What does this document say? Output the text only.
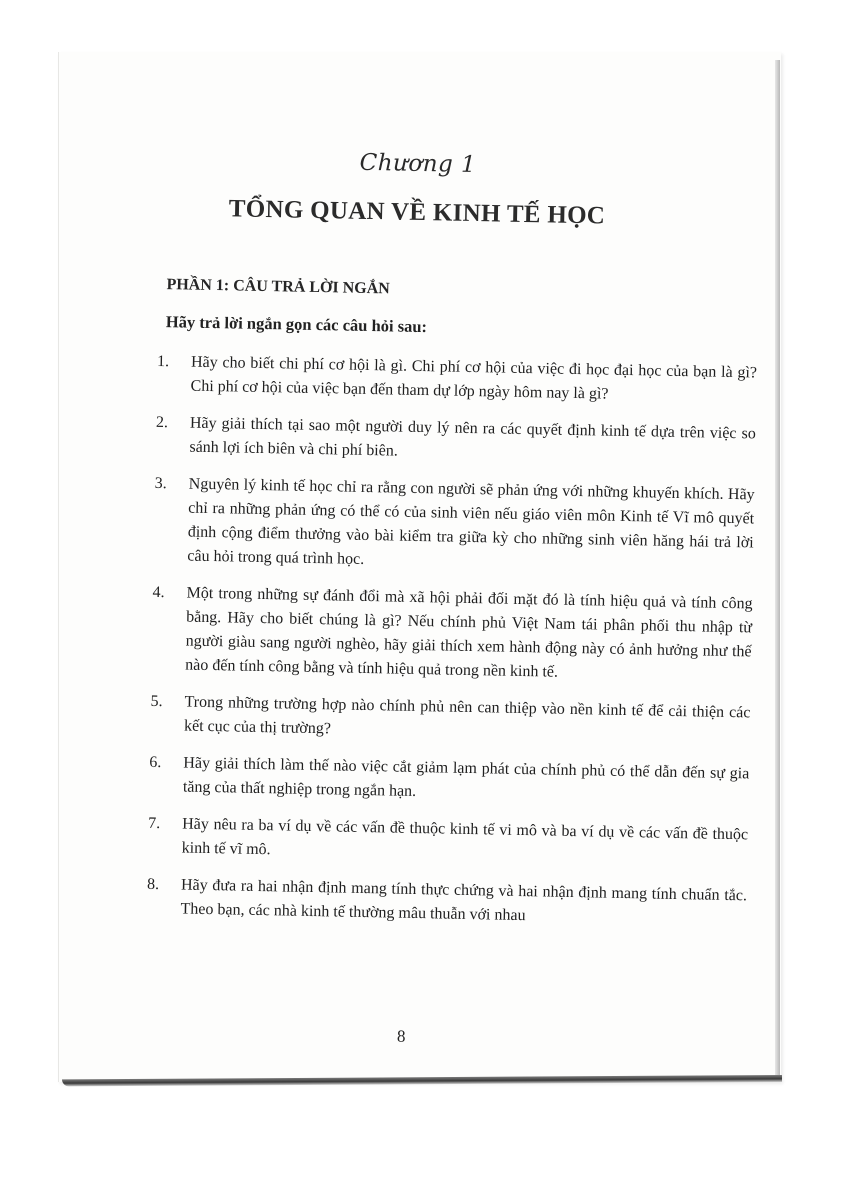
Chương 1
TỔNG QUAN VỀ KINH TẾ HỌC
PHẦN 1: CÂU TRẢ LỜI NGẮN
Hãy trả lời ngắn gọn các câu hỏi sau:
1. Hãy cho biết chi phí cơ hội là gì. Chi phí cơ hội của việc đi học đại học của bạn là gì? Chi phí cơ hội của việc bạn đến tham dự lớp ngày hôm nay là gì?
2. Hãy giải thích tại sao một người duy lý nên ra các quyết định kinh tế dựa trên việc so sánh lợi ích biên và chi phí biên.
3. Nguyên lý kinh tế học chỉ ra rằng con người sẽ phản ứng với những khuyến khích. Hãy chỉ ra những phản ứng có thể có của sinh viên nếu giáo viên môn Kinh tế Vĩ mô quyết định cộng điểm thưởng vào bài kiểm tra giữa kỳ cho những sinh viên hăng hái trả lời câu hỏi trong quá trình học.
4. Một trong những sự đánh đổi mà xã hội phải đối mặt đó là tính hiệu quả và tính công bằng. Hãy cho biết chúng là gì? Nếu chính phủ Việt Nam tái phân phối thu nhập từ người giàu sang người nghèo, hãy giải thích xem hành động này có ảnh hưởng như thế nào đến tính công bằng và tính hiệu quả trong nền kinh tế.
5. Trong những trường hợp nào chính phủ nên can thiệp vào nền kinh tế để cải thiện các kết cục của thị trường?
6. Hãy giải thích làm thế nào việc cắt giảm lạm phát của chính phủ có thể dẫn đến sự gia tăng của thất nghiệp trong ngắn hạn.
7. Hãy nêu ra ba ví dụ về các vấn đề thuộc kinh tế vi mô và ba ví dụ về các vấn đề thuộc kinh tế vĩ mô.
8. Hãy đưa ra hai nhận định mang tính thực chứng và hai nhận định mang tính chuẩn tắc. Theo bạn, các nhà kinh tế thường mâu thuẫn với nhau
8
